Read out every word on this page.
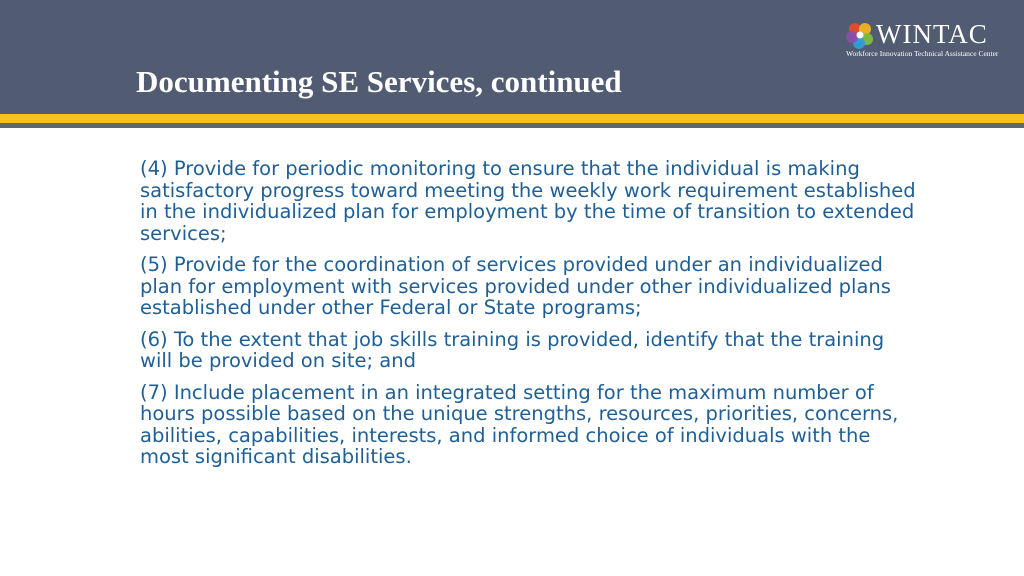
Documenting SE Services, continued
WINTAC
Workforce Innovation Technical Assistance Center

(4) Provide for periodic monitoring to ensure that the individual is making satisfactory progress toward meeting the weekly work requirement established in the individualized plan for employment by the time of transition to extended services;

(5) Provide for the coordination of services provided under an individualized plan for employment with services provided under other individualized plans established under other Federal or State programs;

(6) To the extent that job skills training is provided, identify that the training will be provided on site; and

(7) Include placement in an integrated setting for the maximum number of hours possible based on the unique strengths, resources, priorities, concerns, abilities, capabilities, interests, and informed choice of individuals with the most significant disabilities.
